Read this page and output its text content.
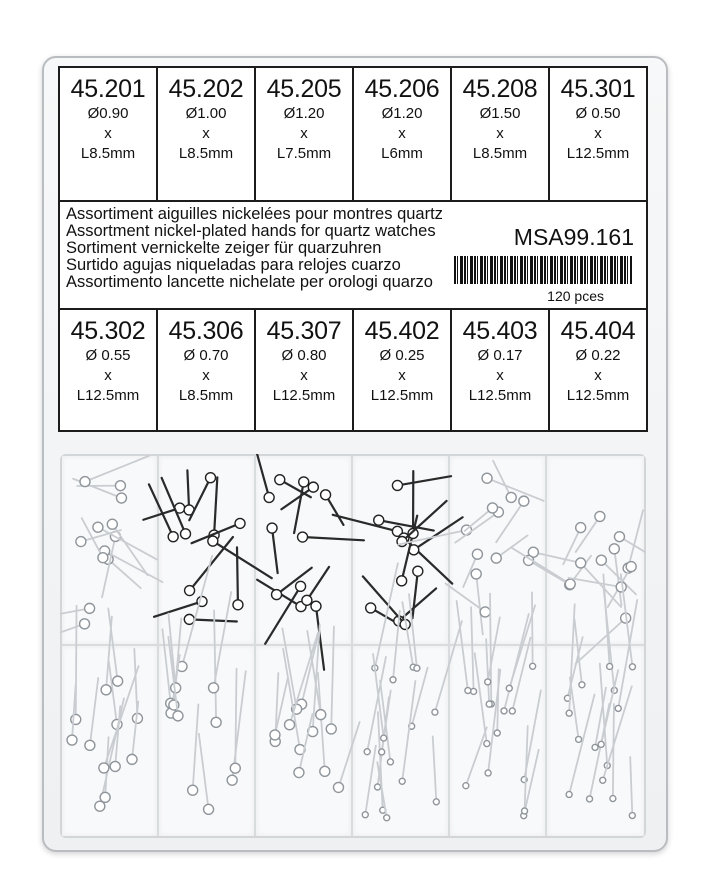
45.201
Ø0.90
x
L8.5mm
45.202
Ø1.00
x
L8.5mm
45.205
Ø1.20
x
L7.5mm
45.206
Ø1.20
x
L6mm
45.208
Ø1.50
x
L8.5mm
45.301
Ø 0.50
x
L12.5mm
Assortiment aiguilles nickelées pour montres quartz
Assortment nickel-plated hands for quartz watches
Sortiment vernickelte zeiger für quarzuhren
Surtido agujas niqueladas para relojes cuarzo
Assortimento lancette nichelate per orologi quarzo
MSA99.161
120 pces
45.302
Ø 0.55
x
L12.5mm
45.306
Ø 0.70
x
L8.5mm
45.307
Ø 0.80
x
L12.5mm
45.402
Ø 0.25
x
L12.5mm
45.403
Ø 0.17
x
L12.5mm
45.404
Ø 0.22
x
L12.5mm
